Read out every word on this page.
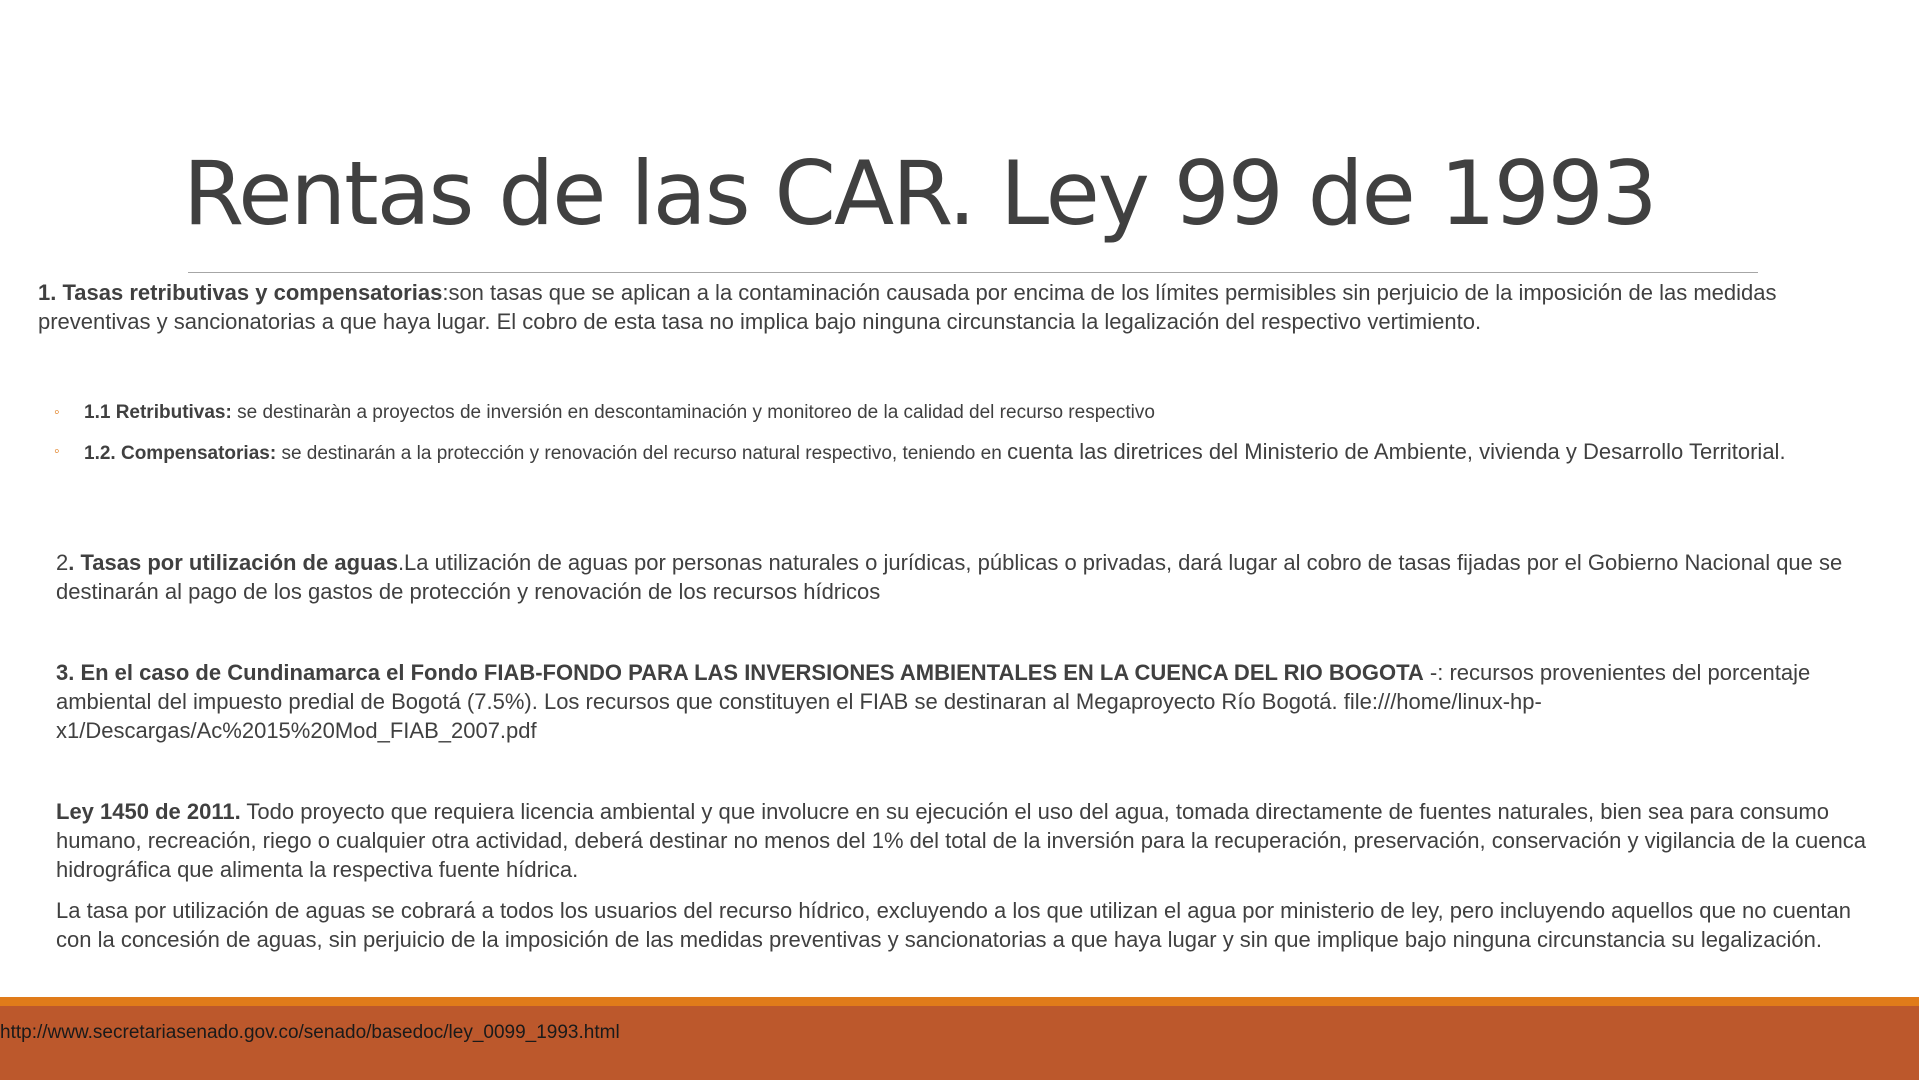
Rentas de las CAR. Ley 99 de 1993
1. Tasas retributivas y compensatorias:son tasas que se aplican a la contaminación causada por encima de los límites permisibles sin perjuicio de la imposición de las medidas preventivas y sancionatorias a que haya lugar. El cobro de esta tasa no implica bajo ninguna circunstancia la legalización del respectivo vertimiento.
◦ 1.1 Retributivas: se destinaràn a proyectos de inversión en descontaminación y monitoreo de la calidad del recurso respectivo
◦ 1.2. Compensatorias: se destinarán a la protección y renovación del recurso natural respectivo, teniendo en cuenta las diretrices del Ministerio de Ambiente, vivienda y Desarrollo Territorial.
2. Tasas por utilización de aguas.La utilización de aguas por personas naturales o jurídicas, públicas o privadas, dará lugar al cobro de tasas fijadas por el Gobierno Nacional que se destinarán al pago de los gastos de protección y renovación de los recursos hídricos
3. En el caso de Cundinamarca el Fondo FIAB-FONDO PARA LAS INVERSIONES AMBIENTALES EN LA CUENCA DEL RIO BOGOTA -: recursos provenientes del porcentaje ambiental del impuesto predial de Bogotá (7.5%). Los recursos que constituyen el FIAB se destinaran al Megaproyecto Río Bogotá. file:///home/linux-hp-x1/Descargas/Ac%2015%20Mod_FIAB_2007.pdf
Ley 1450 de 2011. Todo proyecto que requiera licencia ambiental y que involucre en su ejecución el uso del agua, tomada directamente de fuentes naturales, bien sea para consumo humano, recreación, riego o cualquier otra actividad, deberá destinar no menos del 1% del total de la inversión para la recuperación, preservación, conservación y vigilancia de la cuenca hidrográfica que alimenta la respectiva fuente hídrica.
La tasa por utilización de aguas se cobrará a todos los usuarios del recurso hídrico, excluyendo a los que utilizan el agua por ministerio de ley, pero incluyendo aquellos que no cuentan con la concesión de aguas, sin perjuicio de la imposición de las medidas preventivas y sancionatorias a que haya lugar y sin que implique bajo ninguna circunstancia su legalización.
http://www.secretariasenado.gov.co/senado/basedoc/ley_0099_1993.html
